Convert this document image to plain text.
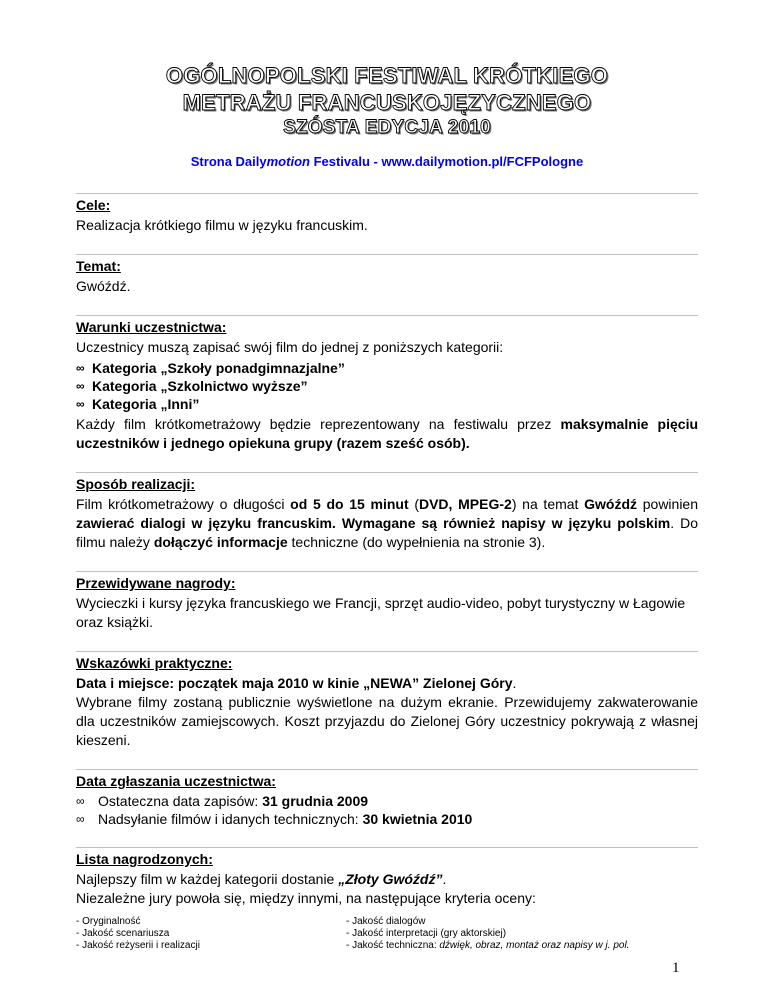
OGÓLNOPOLSKI FESTIWAL KRÓTKIEGO
METRAŻU FRANCUSKOJĘZYCZNEGO
SZÓSTA EDYCJA 2010
Strona Dailymotion Festivalu - www.dailymotion.pl/FCFPologne
Cele:

Realizacja krótkiego filmu w języku francuskim.

Temat:

Gwóźdź.

Warunki uczestnictwa:

Uczestnicy muszą zapisać swój film do jednej z poniższych kategorii:

∞ Kategoria „Szkoły ponadgimnazjalne”
∞ Kategoria „Szkolnictwo wyższe”
∞ Kategoria „Inni”

Każdy film krótkometrażowy będzie reprezentowany na festiwalu przez maksymalnie pięciu uczestników i jednego opiekuna grupy (razem sześć osób).

Sposób realizacji:

Film krótkometrażowy o długości od 5 do 15 minut (DVD, MPEG-2) na temat Gwóźdź powinien zawierać dialogi w języku francuskim. Wymagane są również napisy w języku polskim. Do filmu należy dołączyć informacje techniczne (do wypełnienia na stronie 3).

Przewidywane nagrody:

Wycieczki i kursy języka francuskiego we Francji, sprzęt audio-video, pobyt turystyczny w Łagowie oraz książki.

Wskazówki praktyczne:

Data i miejsce: początek maja 2010 w kinie „NEWA” Zielonej Góry.

Wybrane filmy zostaną publicznie wyświetlone na dużym ekranie. Przewidujemy zakwaterowanie dla uczestników zamiejscowych. Koszt przyjazdu do Zielonej Góry uczestnicy pokrywają z własnej kieszeni.

Data zgłaszania uczestnictwa:
∞ Ostateczna data zapisów: 31 grudnia 2009
∞ Nadsyłanie filmów i idanych technicznych: 30 kwietnia 2010
Lista nagrodzonych:

Najlepszy film w każdej kategorii dostanie „Złoty Gwóźdź”.

Niezależne jury powoła się, między innymi, na następujące kryteria oceny:

- Oryginalność
- Jakość scenariusza
- Jakość reżyserii i realizacji
- Jakość dialogów
- Jakość interpretacji (gry aktorskiej)
- Jakość techniczna: dźwięk, obraz, montaż oraz napisy w j. pol.
1
